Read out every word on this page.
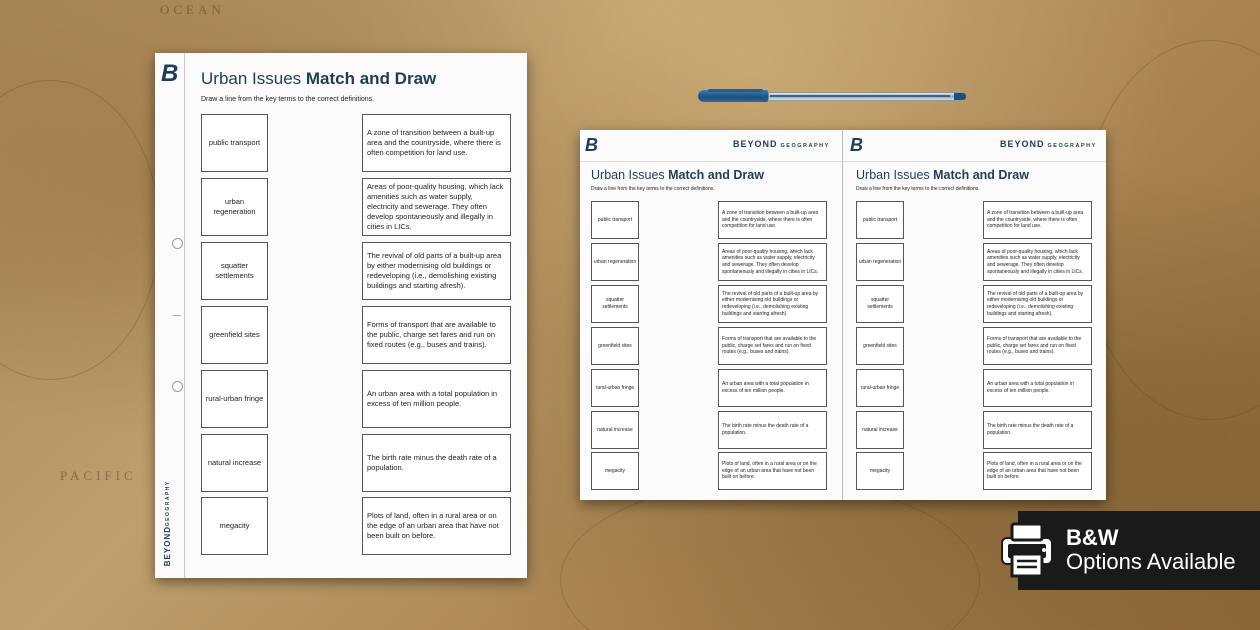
OCEAN
PACIFIC
B
BEYONDGEOGRAPHY
Urban Issues Match and Draw
Draw a line from the key terms to the correct definitions.
public transport
urban regeneration
squatter settlements
greenfield sites
rural-urban fringe
natural increase
megacity
A zone of transition between a built-up area and the countryside, where there is often competition for land use.
Areas of poor-quality housing, which lack amenities such as water supply, electricity and sewerage. They often develop spontaneously and illegally in cities in LICs.
The revival of old parts of a built-up area by either modernising old buildings or redeveloping (i.e., demolishing existing buildings and starting afresh).
Forms of transport that are available to the public, charge set fares and run on fixed routes (e.g., buses and trains).
An urban area with a total population in excess of ten million people.
The birth rate minus the death rate of a population.
Plots of land, often in a rural area or on the edge of an urban area that have not been built on before.
B	BEYOND GEOGRAPHY
Urban Issues Match and Draw
Draw a line from the key terms to the correct definitions.
public transport
urban regeneration
squatter settlements
greenfield sites
rural-urban fringe
natural increase
megacity
A zone of transition between a built-up area and the countryside, where there is often competition for land use.
Areas of poor-quality housing, which lack amenities such as water supply, electricity and sewerage. They often develop spontaneously and illegally in cities in LICs.
The revival of old parts of a built-up area by either modernising old buildings or redeveloping (i.e., demolishing existing buildings and starting afresh).
Forms of transport that are available to the public, charge set fares and run on fixed routes (e.g., buses and trains).
An urban area with a total population in excess of ten million people.
The birth rate minus the death rate of a population.
Plots of land, often in a rural area or on the edge of an urban area that have not been built on before.
B	BEYOND GEOGRAPHY
Urban Issues Match and Draw
Draw a line from the key terms to the correct definitions.
public transport
urban regeneration
squatter settlements
greenfield sites
rural-urban fringe
natural increase
megacity
A zone of transition between a built-up area and the countryside, where there is often competition for land use.
Areas of poor-quality housing, which lack amenities such as water supply, electricity and sewerage. They often develop spontaneously and illegally in cities in LICs.
The revival of old parts of a built-up area by either modernising old buildings or redeveloping (i.e., demolishing existing buildings and starting afresh).
Forms of transport that are available to the public, charge set fares and run on fixed routes (e.g., buses and trains).
An urban area with a total population in excess of ten million people.
The birth rate minus the death rate of a population.
Plots of land, often in a rural area or on the edge of an urban area that have not been built on before.
B&W
Options Available
